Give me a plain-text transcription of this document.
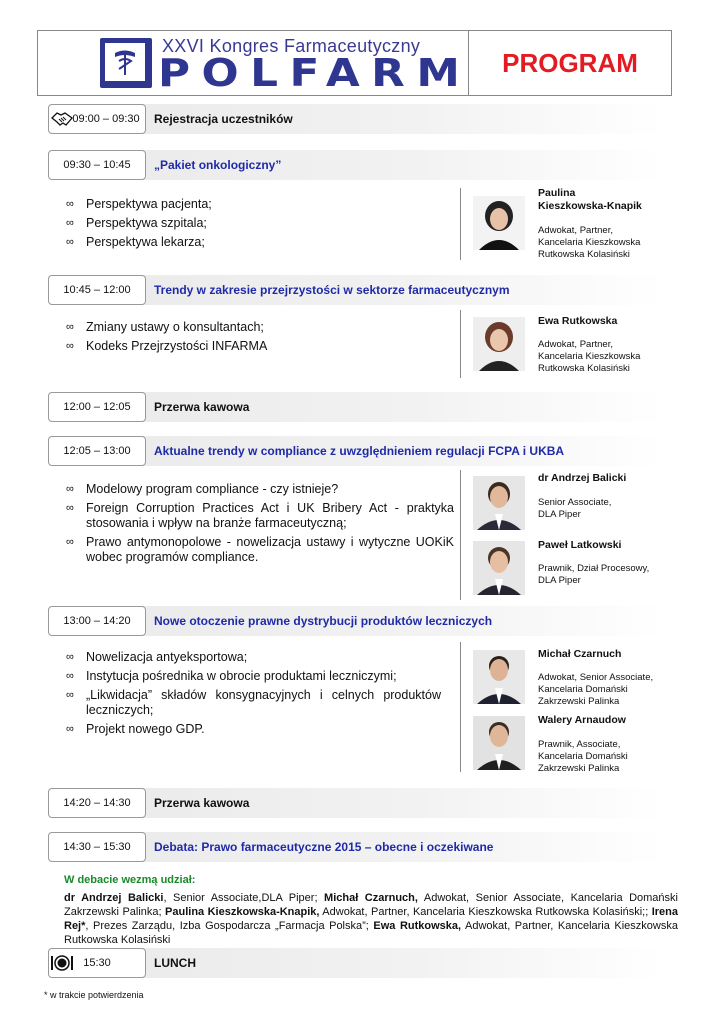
XXVI Kongres Farmaceutyczny
POLFARM	PROGRAM
09:00 – 09:30	Rejestracja uczestników
09:30 – 10:45	„Pakiet onkologiczny”
∞ Perspektywa pacjenta;
∞ Perspektywa szpitala;
∞ Perspektywa lekarza;
Paulina
Kieszkowska-Knapik
Adwokat, Partner,
Kancelaria Kieszkowska
Rutkowska Kolasiński
10:45 – 12:00	Trendy w zakresie przejrzystości w sektorze farmaceutycznym
∞ Zmiany ustawy o konsultantach;
∞ Kodeks Przejrzystości INFARMA
Ewa Rutkowska
Adwokat, Partner,
Kancelaria Kieszkowska
Rutkowska Kolasiński
12:00 – 12:05	Przerwa kawowa
12:05 – 13:00	Aktualne trendy w compliance z uwzględnieniem regulacji FCPA i UKBA
∞ Modelowy program compliance - czy istnieje?
∞ Foreign Corruption Practices Act i UK Bribery Act - praktyka stosowania i wpływ na branże farmaceutyczną;
∞ Prawo antymonopolowe - nowelizacja ustawy i wytyczne UOKiK wobec programów compliance.
dr Andrzej Balicki
Senior Associate,
DLA Piper
Paweł Latkowski
Prawnik, Dział Procesowy,
DLA Piper
13:00 – 14:20	Nowe otoczenie prawne dystrybucji produktów leczniczych
∞ Nowelizacja antyeksportowa;
∞ Instytucja pośrednika w obrocie produktami leczniczymi;
∞ „Likwidacja” składów konsygnacyjnych i celnych produktów leczniczych;
∞ Projekt nowego GDP.
Michał Czarnuch
Adwokat, Senior Associate,
Kancelaria Domański
Zakrzewski Palinka
Walery Arnaudow
Prawnik, Associate,
Kancelaria Domański
Zakrzewski Palinka
14:20 – 14:30	Przerwa kawowa
14:30 – 15:30	Debata: Prawo farmaceutyczne 2015 – obecne i oczekiwane
W debacie wezmą udział:
dr Andrzej Balicki, Senior Associate,DLA Piper; Michał Czarnuch, Adwokat, Senior Associate, Kancelaria Domański Zakrzewski Palinka; Paulina Kieszkowska-Knapik, Adwokat, Partner, Kancelaria Kieszkowska Rutkowska Kolasiński;; Irena Rej*, Prezes Zarządu, Izba Gospodarcza „Farmacja Polska”; Ewa Rutkowska, Adwokat, Partner, Kancelaria Kieszkowska Rutkowska Kolasiński
15:30	LUNCH
* w trakcie potwierdzenia
